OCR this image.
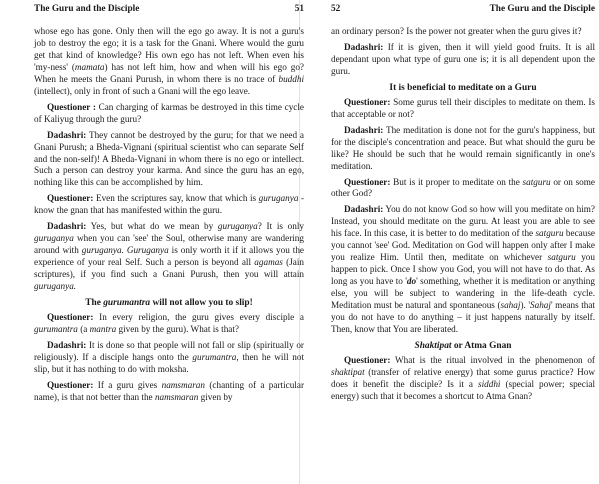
The Guru and the Disciple	51

whose ego has gone. Only then will the ego go away. It is not a guru's job to destroy the ego; it is a task for the Gnani. Where would the guru get that kind of knowledge? His own ego has not left. When even his 'my-ness' (mamata) has not left him, how and when will his ego go? When he meets the Gnani Purush, in whom there is no trace of buddhi (intellect), only in front of such a Gnani will the ego leave.

Questioner : Can charging of karmas be destroyed in this time cycle of Kaliyug through the guru?

Dadashri: They cannot be destroyed by the guru; for that we need a Gnani Purush; a Bheda-Vignani (spiritual scientist who can separate Self and the non-self)! A Bheda-Vignani in whom there is no ego or intellect. Such a person can destroy your karma. And since the guru has an ego, nothing like this can be accomplished by him.

Questioner: Even the scriptures say, know that which is guruganya - know the gnan that has manifested within the guru.

Dadashri: Yes, but what do we mean by guruganya? It is only guruganya when you can 'see' the Soul, otherwise many are wandering around with guruganya. Guruganya is only worth it if it allows you the experience of your real Self. Such a person is beyond all agamas (Jain scriptures), if you find such a Gnani Purush, then you will attain guruganya.

The gurumantra will not allow you to slip!

Questioner: In every religion, the guru gives every disciple a gurumantra (a mantra given by the guru). What is that?

Dadashri: It is done so that people will not fall or slip (spiritually or religiously). If a disciple hangs onto the gurumantra, then he will not slip, but it has nothing to do with moksha.

Questioner: If a guru gives namsmaran (chanting of a particular name), is that not better than the namsmaran given by

52	The Guru and the Disciple

an ordinary person? Is the power not greater when the guru gives it?

Dadashri: If it is given, then it will yield good fruits. It is all dependant upon what type of guru one is; it is all dependent upon the guru.

It is beneficial to meditate on a Guru

Questioner: Some gurus tell their disciples to meditate on them. Is that acceptable or not?

Dadashri: The meditation is done not for the guru's happiness, but for the disciple's concentration and peace. But what should the guru be like? He should be such that he would remain significantly in one's meditation.

Questioner: But is it proper to meditate on the satguru or on some other God?

Dadashri: You do not know God so how will you meditate on him? Instead, you should meditate on the guru. At least you are able to see his face. In this case, it is better to do meditation of the satguru because you cannot 'see' God. Meditation on God will happen only after I make you realize Him. Until then, meditate on whichever satguru you happen to pick. Once I show you God, you will not have to do that. As long as you have to 'do' something, whether it is meditation or anything else, you will be subject to wandering in the life-death cycle. Meditation must be natural and spontaneous (sahaj). 'Sahaj' means that you do not have to do anything – it just happens naturally by itself. Then, know that You are liberated.

Shaktipat or Atma Gnan

Questioner: What is the ritual involved in the phenomenon of shaktipat (transfer of relative energy) that some gurus practice? How does it benefit the disciple? Is it a siddhi (special power; special energy) such that it becomes a shortcut to Atma Gnan?
